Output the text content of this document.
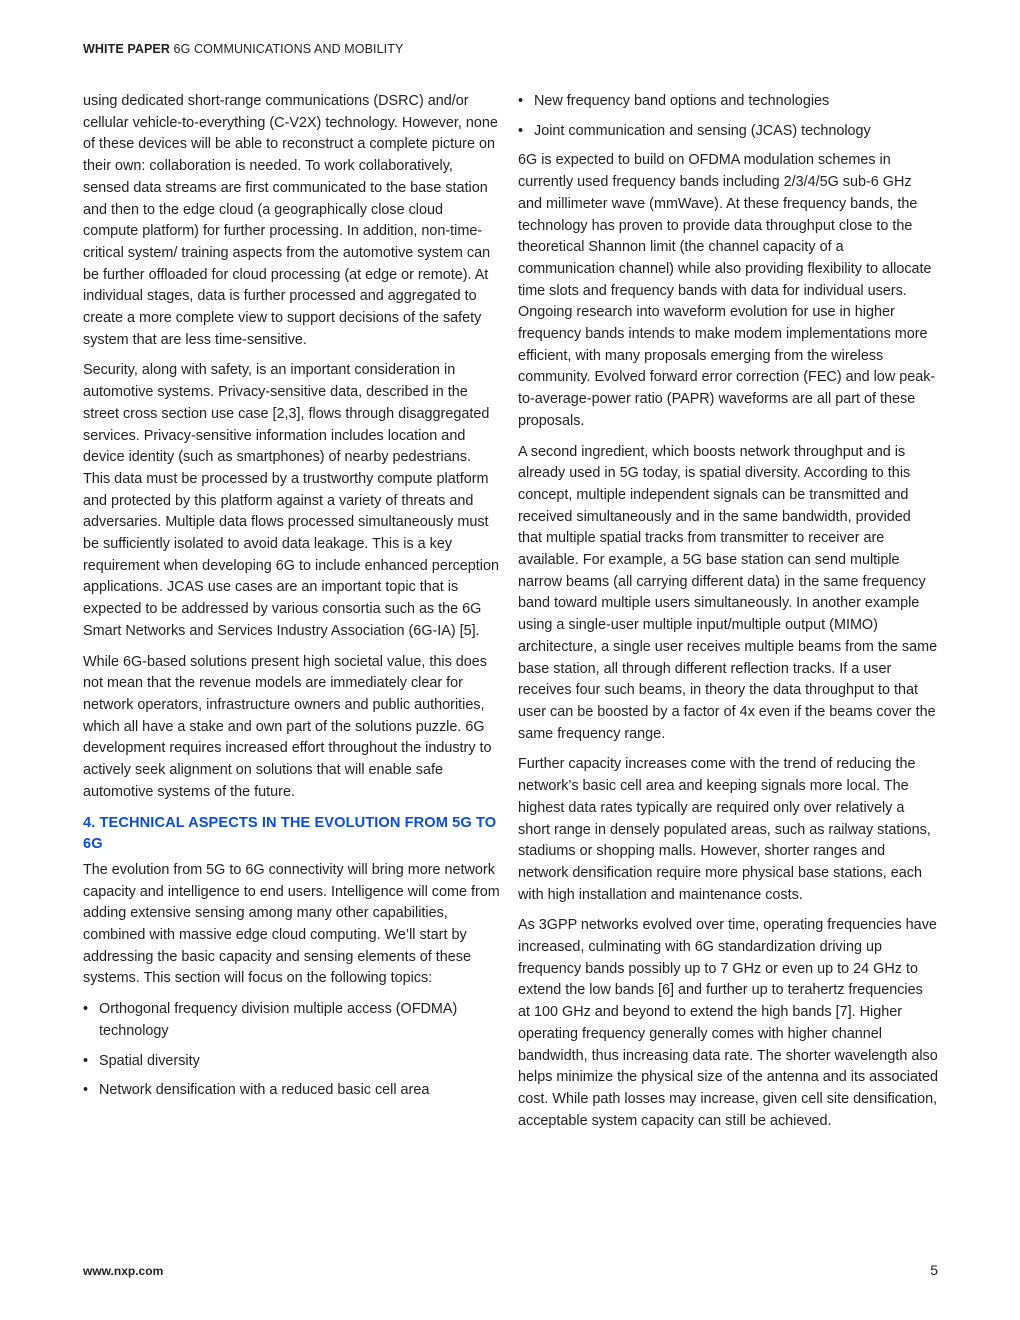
WHITE PAPER 6G COMMUNICATIONS AND MOBILITY

using dedicated short-range communications (DSRC) and/or cellular vehicle-to-everything (C-V2X) technology. However, none of these devices will be able to reconstruct a complete picture on their own: collaboration is needed. To work collaboratively, sensed data streams are first communicated to the base station and then to the edge cloud (a geographically close cloud compute platform) for further processing. In addition, non-time-critical system/ training aspects from the automotive system can be further offloaded for cloud processing (at edge or remote). At individual stages, data is further processed and aggregated to create a more complete view to support decisions of the safety system that are less time-sensitive.

Security, along with safety, is an important consideration in automotive systems. Privacy-sensitive data, described in the street cross section use case [2,3], flows through disaggregated services. Privacy-sensitive information includes location and device identity (such as smartphones) of nearby pedestrians. This data must be processed by a trustworthy compute platform and protected by this platform against a variety of threats and adversaries. Multiple data flows processed simultaneously must be sufficiently isolated to avoid data leakage. This is a key requirement when developing 6G to include enhanced perception applications. JCAS use cases are an important topic that is expected to be addressed by various consortia such as the 6G Smart Networks and Services Industry Association (6G-IA) [5].

While 6G-based solutions present high societal value, this does not mean that the revenue models are immediately clear for network operators, infrastructure owners and public authorities, which all have a stake and own part of the solutions puzzle. 6G development requires increased effort throughout the industry to actively seek alignment on solutions that will enable safe automotive systems of the future.

4. TECHNICAL ASPECTS IN THE EVOLUTION FROM 5G TO 6G

The evolution from 5G to 6G connectivity will bring more network capacity and intelligence to end users. Intelligence will come from adding extensive sensing among many other capabilities, combined with massive edge cloud computing. We’ll start by addressing the basic capacity and sensing elements of these systems. This section will focus on the following topics:

• Orthogonal frequency division multiple access (OFDMA) technology
• Spatial diversity
• Network densification with a reduced basic cell area
• New frequency band options and technologies
• Joint communication and sensing (JCAS) technology

6G is expected to build on OFDMA modulation schemes in currently used frequency bands including 2/3/4/5G sub-6 GHz and millimeter wave (mmWave). At these frequency bands, the technology has proven to provide data throughput close to the theoretical Shannon limit (the channel capacity of a communication channel) while also providing flexibility to allocate time slots and frequency bands with data for individual users. Ongoing research into waveform evolution for use in higher frequency bands intends to make modem implementations more efficient, with many proposals emerging from the wireless community. Evolved forward error correction (FEC) and low peak-to-average-power ratio (PAPR) waveforms are all part of these proposals.

A second ingredient, which boosts network throughput and is already used in 5G today, is spatial diversity. According to this concept, multiple independent signals can be transmitted and received simultaneously and in the same bandwidth, provided that multiple spatial tracks from transmitter to receiver are available. For example, a 5G base station can send multiple narrow beams (all carrying different data) in the same frequency band toward multiple users simultaneously. In another example using a single-user multiple input/multiple output (MIMO) architecture, a single user receives multiple beams from the same base station, all through different reflection tracks. If a user receives four such beams, in theory the data throughput to that user can be boosted by a factor of 4x even if the beams cover the same frequency range.

Further capacity increases come with the trend of reducing the network’s basic cell area and keeping signals more local. The highest data rates typically are required only over relatively a short range in densely populated areas, such as railway stations, stadiums or shopping malls. However, shorter ranges and network densification require more physical base stations, each with high installation and maintenance costs.

As 3GPP networks evolved over time, operating frequencies have increased, culminating with 6G standardization driving up frequency bands possibly up to 7 GHz or even up to 24 GHz to extend the low bands [6] and further up to terahertz frequencies at 100 GHz and beyond to extend the high bands [7]. Higher operating frequency generally comes with higher channel bandwidth, thus increasing data rate. The shorter wavelength also helps minimize the physical size of the antenna and its associated cost. While path losses may increase, given cell site densification, acceptable system capacity can still be achieved.

www.nxp.com	5
